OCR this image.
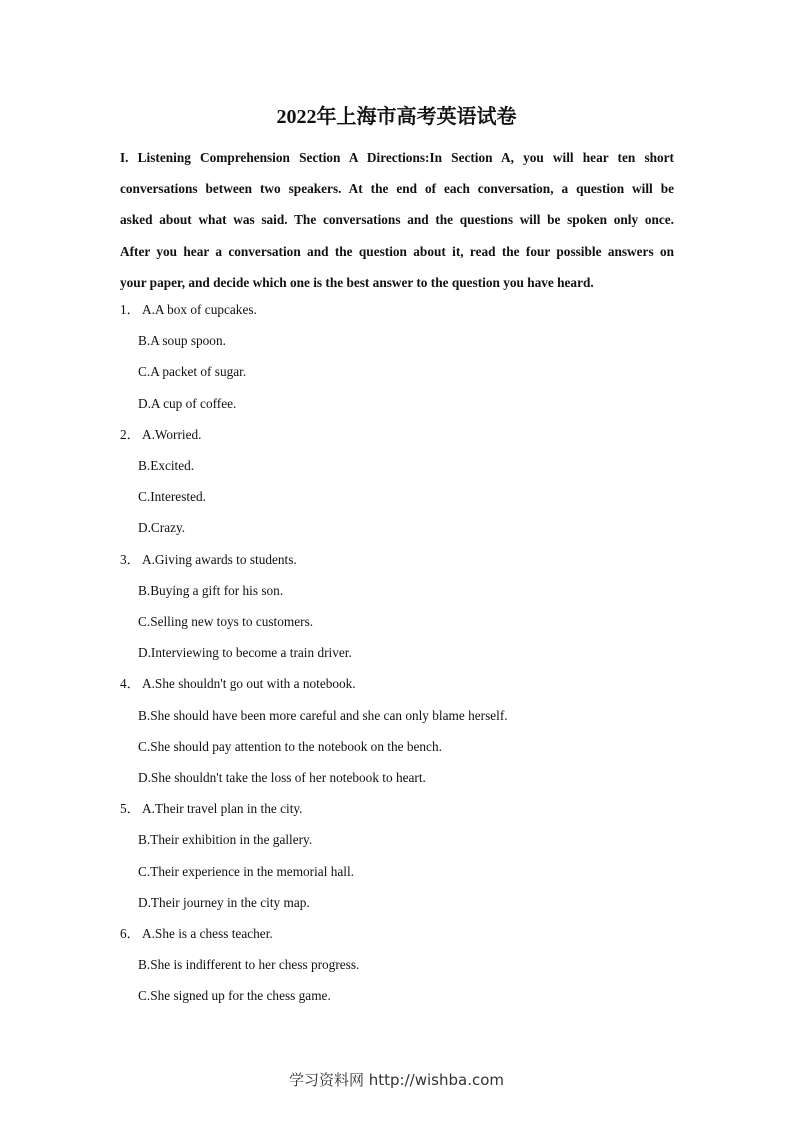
2022年上海市高考英语试卷
I. Listening Comprehension Section A Directions:In Section A, you will hear ten short
conversations between two speakers. At the end of each conversation, a question will be
asked about what was said. The conversations and the questions will be spoken only once.
After you hear a conversation and the question about it, read the four possible answers on
your paper, and decide which one is the best answer to the question you have heard.
1． A.A box of cupcakes.
B.A soup spoon.
C.A packet of sugar.
D.A cup of coffee.
2． A.Worried.
B.Excited.
C.Interested.
D.Crazy.
3． A.Giving awards to students.
B.Buying a gift for his son.
C.Selling new toys to customers.
D.Interviewing to become a train driver.
4． A.She shouldn't go out with a notebook.
B.She should have been more careful and she can only blame herself.
C.She should pay attention to the notebook on the bench.
D.She shouldn't take the loss of her notebook to heart.
5． A.Their travel plan in the city.
B.Their exhibition in the gallery.
C.Their experience in the memorial hall.
D.Their journey in the city map.
6． A.She is a chess teacher.
B.She is indifferent to her chess progress.
C.She signed up for the chess game.
学习资料网 http://wishba.com
